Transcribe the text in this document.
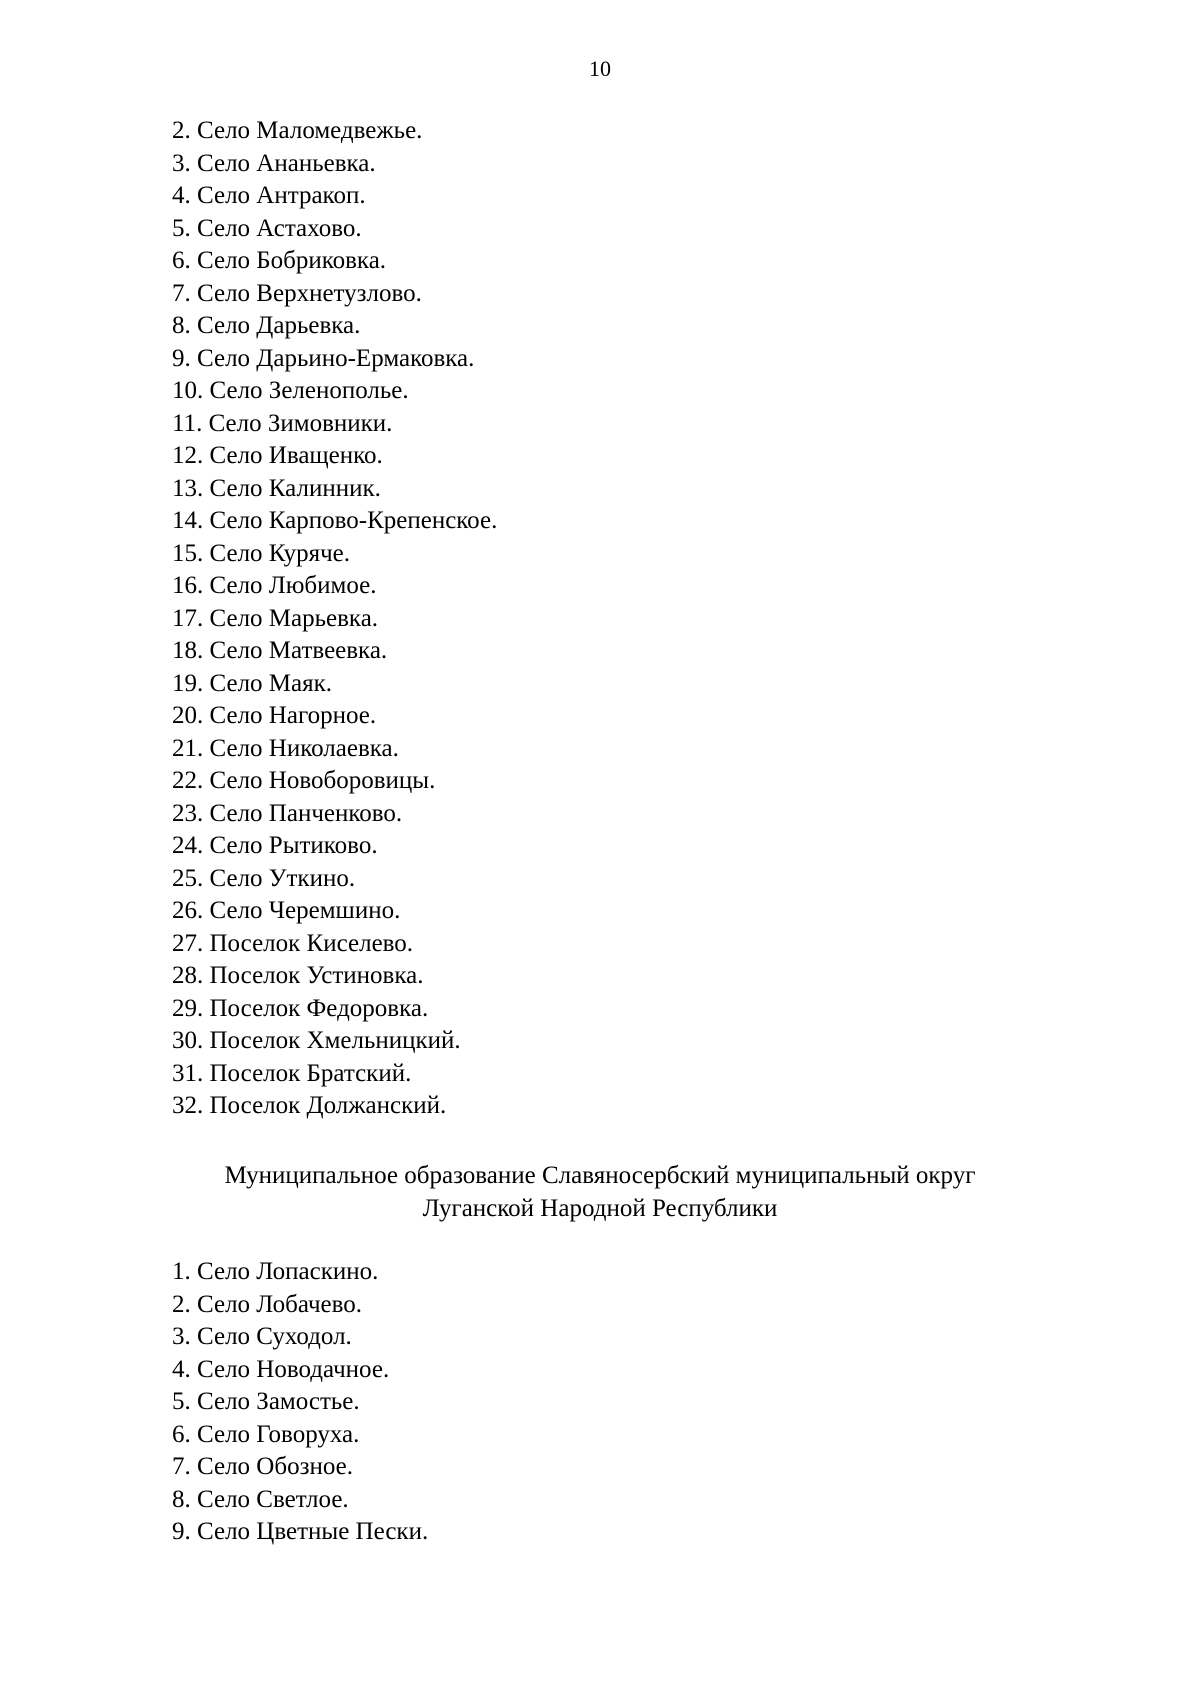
10
2. Село Маломедвежье.
3. Село Ананьевка.
4. Село Антракоп.
5. Село Астахово.
6. Село Бобриковка.
7. Село Верхнетузлово.
8. Село Дарьевка.
9. Село Дарьино-Ермаковка.
10. Село Зеленополье.
11. Село Зимовники.
12. Село Иващенко.
13. Село Калинник.
14. Село Карпово-Крепенское.
15. Село Куряче.
16. Село Любимое.
17. Село Марьевка.
18. Село Матвеевка.
19. Село Маяк.
20. Село Нагорное.
21. Село Николаевка.
22. Село Новоборовицы.
23. Село Панченково.
24. Село Рытиково.
25. Село Уткино.
26. Село Черемшино.
27. Поселок Киселево.
28. Поселок Устиновка.
29. Поселок Федоровка.
30. Поселок Хмельницкий.
31. Поселок Братский.
32. Поселок Должанский.
Муниципальное образование Славяносербский муниципальный округ
Луганской Народной Республики
1. Село Лопаскино.
2. Село Лобачево.
3. Село Суходол.
4. Село Новодачное.
5. Село Замостье.
6. Село Говоруха.
7. Село Обозное.
8. Село Светлое.
9. Село Цветные Пески.
